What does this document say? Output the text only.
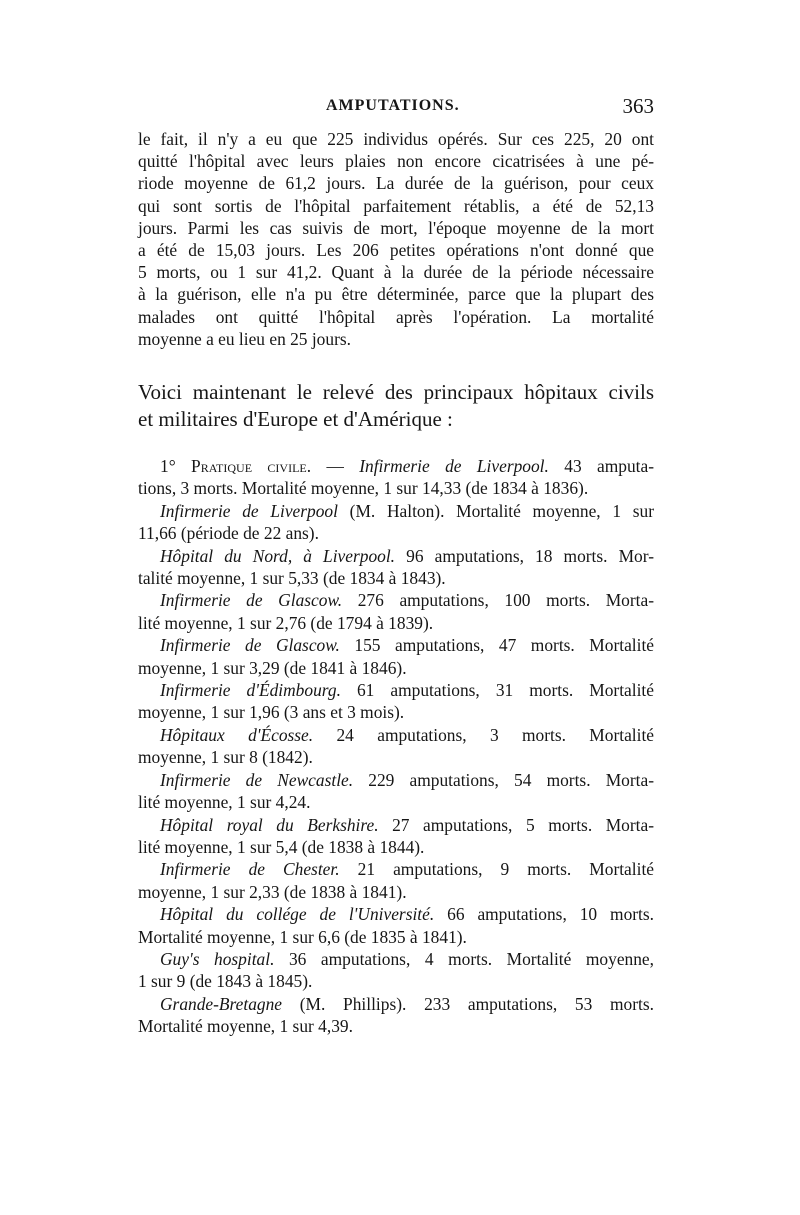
AMPUTATIONS.	363
le fait, il n'y a eu que 225 individus opérés. Sur ces 225, 20 ont
quitté l'hôpital avec leurs plaies non encore cicatrisées à une pé-
riode moyenne de 61,2 jours. La durée de la guérison, pour ceux
qui sont sortis de l'hôpital parfaitement rétablis, a été de 52,13
jours. Parmi les cas suivis de mort, l'époque moyenne de la mort
a été de 15,03 jours. Les 206 petites opérations n'ont donné que
5 morts, ou 1 sur 41,2. Quant à la durée de la période nécessaire
à la guérison, elle n'a pu être déterminée, parce que la plupart des
malades ont quitté l'hôpital après l'opération. La mortalité
moyenne a eu lieu en 25 jours.
Voici maintenant le relevé des principaux hôpitaux civils
et militaires d'Europe et d'Amérique :
1° Pratique civile. — Infirmerie de Liverpool. 43 amputa-
tions, 3 morts. Mortalité moyenne, 1 sur 14,33 (de 1834 à 1836).
Infirmerie de Liverpool (M. Halton). Mortalité moyenne, 1 sur
11,66 (période de 22 ans).
Hôpital du Nord, à Liverpool. 96 amputations, 18 morts. Mor-
talité moyenne, 1 sur 5,33 (de 1834 à 1843).
Infirmerie de Glascow. 276 amputations, 100 morts. Morta-
lité moyenne, 1 sur 2,76 (de 1794 à 1839).
Infirmerie de Glascow. 155 amputations, 47 morts. Mortalité
moyenne, 1 sur 3,29 (de 1841 à 1846).
Infirmerie d'Édimbourg. 61 amputations, 31 morts. Mortalité
moyenne, 1 sur 1,96 (3 ans et 3 mois).
Hôpitaux d'Écosse. 24 amputations, 3 morts. Mortalité
moyenne, 1 sur 8 (1842).
Infirmerie de Newcastle. 229 amputations, 54 morts. Morta-
lité moyenne, 1 sur 4,24.
Hôpital royal du Berkshire. 27 amputations, 5 morts. Morta-
lité moyenne, 1 sur 5,4 (de 1838 à 1844).
Infirmerie de Chester. 21 amputations, 9 morts. Mortalité
moyenne, 1 sur 2,33 (de 1838 à 1841).
Hôpital du collége de l'Université. 66 amputations, 10 morts.
Mortalité moyenne, 1 sur 6,6 (de 1835 à 1841).
Guy's hospital. 36 amputations, 4 morts. Mortalité moyenne,
1 sur 9 (de 1843 à 1845).
Grande-Bretagne (M. Phillips). 233 amputations, 53 morts.
Mortalité moyenne, 1 sur 4,39.
